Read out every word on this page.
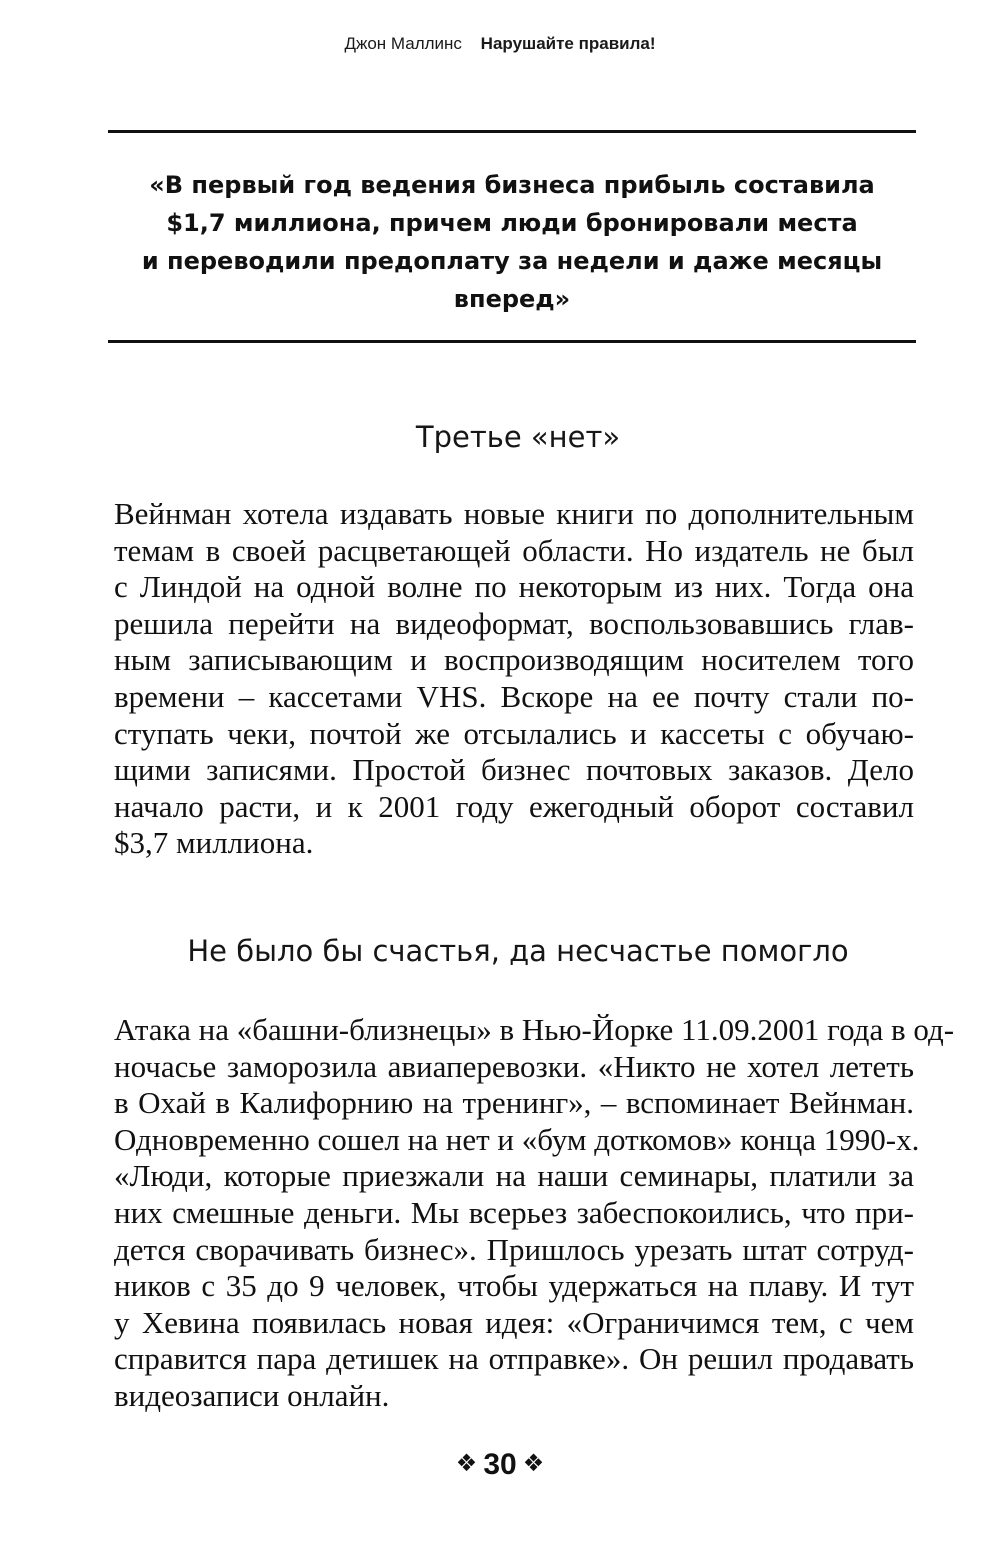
Джон Маллинс Нарушайте правила!
«В первый год ведения бизнеса прибыль составила
$1,7 миллиона, причем люди бронировали места
и переводили предоплату за недели и даже месяцы
вперед»
Третье «нет»
Вейнман хотела издавать новые книги по дополнительным
темам в своей расцветающей области. Но издатель не был
с Линдой на одной волне по некоторым из них. Тогда она
решила перейти на видеоформат, воспользовавшись глав-
ным записывающим и воспроизводящим носителем того
времени – кассетами VHS. Вскоре на ее почту стали по-
ступать чеки, почтой же отсылались и кассеты с обучаю-
щими записями. Простой бизнес почтовых заказов. Дело
начало расти, и к 2001 году ежегодный оборот составил
$3,7 миллиона.
Не было бы счастья, да несчастье помогло
Атака на «башни-близнецы» в Нью-Йорке 11.09.2001 года в од-
ночасье заморозила авиаперевозки. «Никто не хотел лететь
в Охай в Калифорнию на тренинг», – вспоминает Вейнман.
Одновременно сошел на нет и «бум доткомов» конца 1990-х.
«Люди, которые приезжали на наши семинары, платили за
них смешные деньги. Мы всерьез забеспокоились, что при-
дется сворачивать бизнес». Пришлось урезать штат сотруд-
ников с 35 до 9 человек, чтобы удержаться на плаву. И тут
у Хевина появилась новая идея: «Ограничимся тем, с чем
справится пара детишек на отправке». Он решил продавать
видеозаписи онлайн.
❖ 30 ❖
